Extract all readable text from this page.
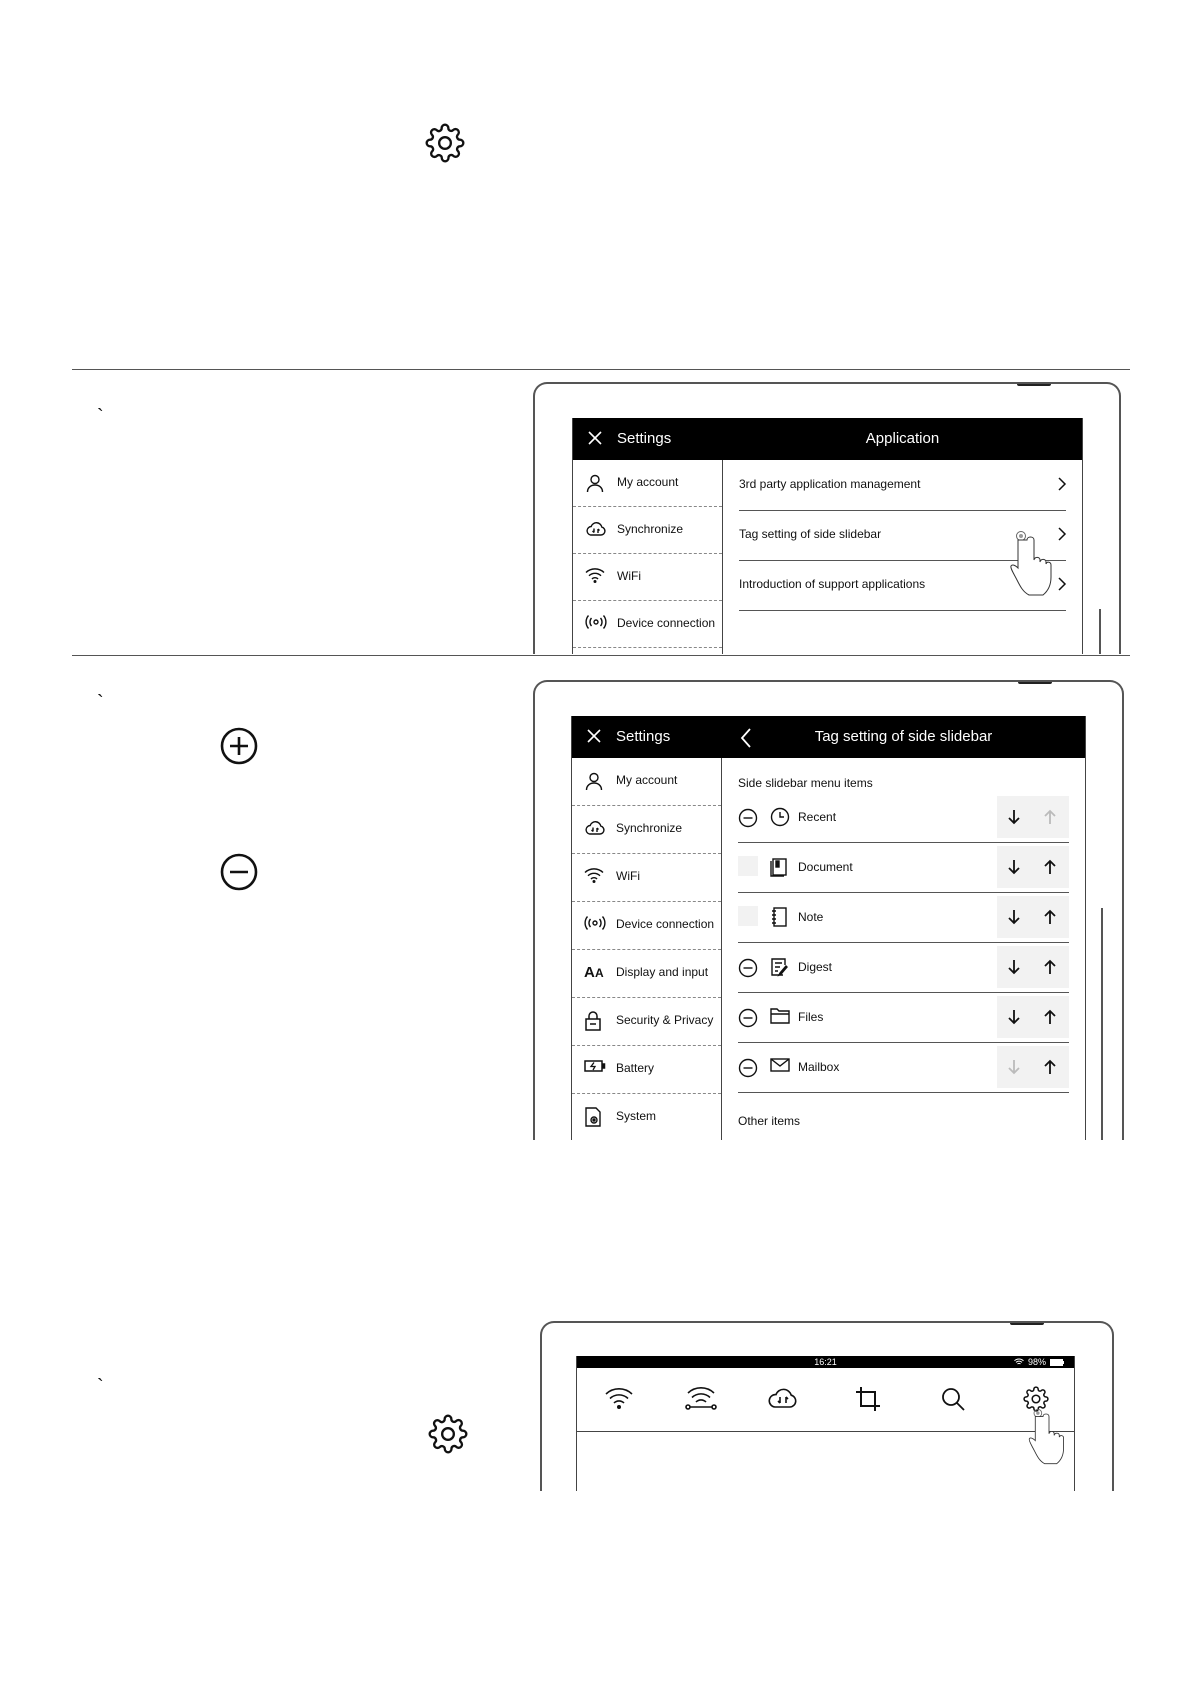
`
`
`
Settings	Application
My account
Synchronize
WiFi
Device connection
3rd party application management
Tag setting of side slidebar
Introduction of support applications
Settings	Tag setting of side slidebar
My account
Synchronize
WiFi
Device connection
A A Display and input
Security & Privacy
Battery
System
Side slidebar menu items
Recent
Document
Note
Digest
Files
Mailbox
Other items
16:21	98%
